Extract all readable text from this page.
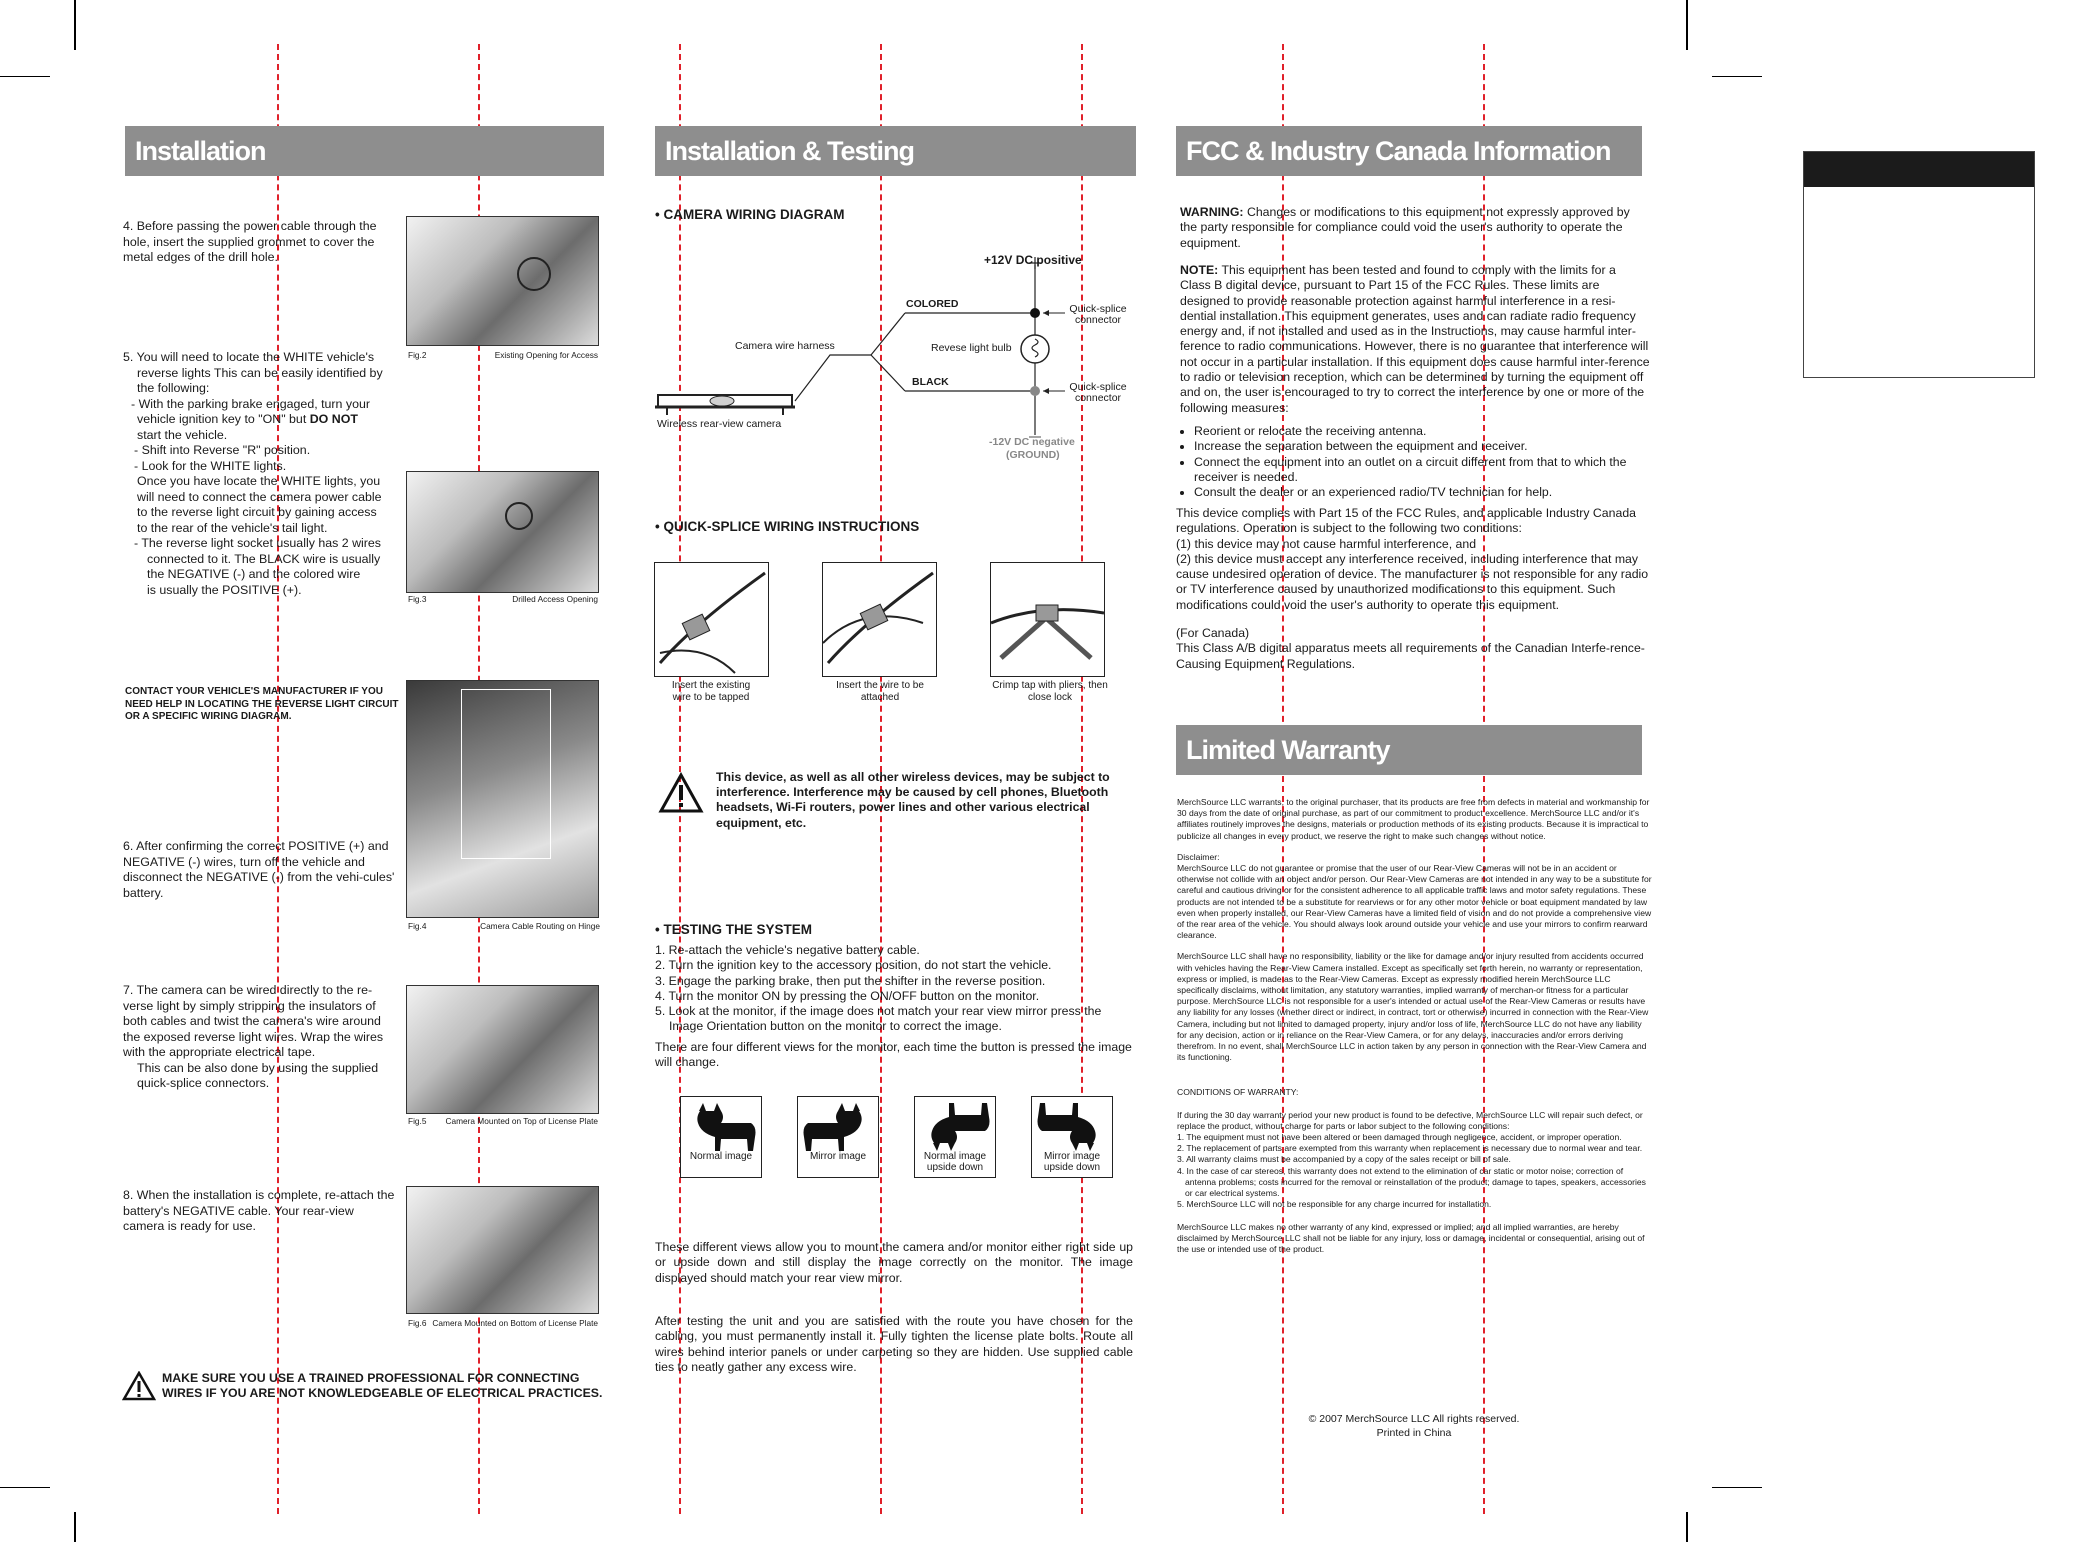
Installation
4. Before passing the power cable through the hole, insert the supplied grommet to cover the metal edges of the drill hole.
Fig.2	Existing Opening for Access
5. You will need to locate the WHITE vehicle's
reverse lights This can be easily identified by
the following:
- With the parking brake engaged, turn your
vehicle ignition key to "ON" but DO NOT
start the vehicle.
- Shift into Reverse "R" position.
- Look for the WHITE lights.
Once you have locate the WHITE lights, you
will need to connect the camera power cable
to the reverse light circuit by gaining access
to the rear of the vehicle's tail light.
- The reverse light socket usually has 2 wires
connected to it. The BLACK wire is usually
the NEGATIVE (-) and the colored wire
is usually the POSITIVE (+).
Fig.3	Drilled Access Opening
CONTACT YOUR VEHICLE'S MANUFACTURER IF YOU NEED HELP IN LOCATING THE REVERSE LIGHT CIRCUIT OR A SPECIFIC WIRING DIAGRAM.
Fig.4	Camera Cable Routing on Hinge
6. After confirming the correct POSITIVE (+) and NEGATIVE (-) wires, turn off the vehicle and disconnect the NEGATIVE (-) from the vehi-cules' battery.
7. The camera can be wired directly to the re-verse light by simply stripping the insulators of both cables and twist the camera's wire around the exposed reverse light wires. Wrap the wires with the appropriate electrical tape.
This can be also done by using the supplied quick-splice connectors.
Fig.5 Camera Mounted on Top of License Plate
8. When the installation is complete, re-attach the battery's NEGATIVE cable. Your rear-view camera is ready for use.
Fig.6 Camera Mounted on Bottom of License Plate
MAKE SURE YOU USE A TRAINED PROFESSIONAL FOR CONNECTING WIRES IF YOU ARE NOT KNOWLEDGEABLE OF ELECTRICAL PRACTICES.
Installation & Testing
• CAMERA WIRING DIAGRAM
+12V DC positive
COLORED
BLACK
Camera wire harness	Revese light bulb
Quick-splice connector
Quick-splice connector
Wireless rear-view camera
-12V DC negative
(GROUND)
• QUICK-SPLICE WIRING INSTRUCTIONS
Insert the existing wire to be tapped
Insert the wire to be attached
Crimp tap with pliers, then close lock
This device, as well as all other wireless devices, may be subject to interference. Interference may be caused by cell phones, Bluetooth headsets, Wi-Fi routers, power lines and other various electrical equipment, etc.
• TESTING THE SYSTEM
1. Re-attach the vehicle's negative battery cable.
2. Turn the ignition key to the accessory position, do not start the vehicle.
3. Engage the parking brake, then put the shifter in the reverse position.
4. Turn the monitor ON by pressing the ON/OFF button on the monitor.
5. Look at the monitor, if the image does not match your rear view mirror press the Image Orientation button on the monitor to correct the image.
There are four different views for the monitor, each time the button is pressed the image will change.
Normal image	Mirror image	Normal image upside down
Mirror image upside down
These different views allow you to mount the camera and/or monitor either right side up or upside down and still display the image correctly on the monitor. The image displayed should match your rear view mirror.
After testing the unit and you are satisfied with the route you have chosen for the cabling, you must permanently install it. Fully tighten the license plate bolts. Route all wires behind interior panels or under carpeting so they are hidden. Use supplied cable ties to neatly gather any excess wire.
FCC & Industry Canada Information
WARNING: Changes or modifications to this equipment not expressly approved by the party responsible for compliance could void the user's authority to operate the equipment.
NOTE: This equipment has been tested and found to comply with the limits for a Class B digital device, pursuant to Part 15 of the FCC Rules. These limits are designed to provide reasonable protection against harmful interference in a resi-dential installation. This equipment generates, uses and can radiate radio frequency energy and, if not installed and used as in the Instructions, may cause harmful inter-ference to radio communications. However, there is no guarantee that interference will not occur in a particular installation. If this equipment does cause harmful inter-ference to radio or television reception, which can be determined by turning the equipment off and on, the user is encouraged to try to correct the interference by one or more of the following measures:
• Reorient or relocate the receiving antenna.
• Increase the separation between the equipment and receiver.
• Connect the equipment into an outlet on a circuit different from that to which the receiver is needed.
• Consult the dealer or an experienced radio/TV technician for help.
This device complies with Part 15 of the FCC Rules, and applicable Industry Canada regulations. Operation is subject to the following two conditions:
(1) this device may not cause harmful interference, and
(2) this device must accept any interference received, including interference that may cause undesired operation of device. The manufacturer is not responsible for any radio or TV interference caused by unauthorized modifications to this equipment. Such modifications could void the user's authority to operate this equipment.
(For Canada)
This Class A/B digital apparatus meets all requirements of the Canadian Interfe-rence-Causing Equipment Regulations.
Limited Warranty
MerchSource LLC warrants, to the original purchaser, that its products are free from defects in material and workmanship for 30 days from the date of original purchase, as part of our commitment to product excellence. MerchSource LLC and/or it's affiliates routinely improves the designs, materials or production methods of its existing products. Because it is impractical to publicize all changes in every product, we reserve the right to make such changes without notice.
Disclaimer:
MerchSource LLC do not guarantee or promise that the user of our Rear-View Cameras will not be in an accident or otherwise not collide with an object and/or person. Our Rear-View Cameras are not intended in any way to be a substitute for careful and cautious driving or for the consistent adherence to all applicable traffic laws and motor safety regulations. These products are not intended to be a substitute for rearviews or for any other motor vehicle or boat equipment mandated by law even when properly installed, our Rear-View Cameras have a limited field of vision and do not provide a comprehensive view of the rear area of the vehicle. You should always look around outside your vehicle and use your mirrors to confirm rearward clearance.
MerchSource LLC shall have no responsibility, liability or the like for damage and/or injury resulted from accidents occurred with vehicles having the Rear-View Camera installed. Except as specifically set forth herein, no warranty or representation, express or implied, is made as to the Rear-View Cameras. Except as expressly modified herein MerchSource LLC specifically disclaims, without limitation, any statutory warranties, implied warranty of merchan-or fitness for a particular purpose. MerchSource LLC is not responsible for a user's intended or actual use of the Rear-View Cameras or results have any liability for any losses (whether direct or indirect, in contract, tort or otherwise) incurred in connection with the Rear-View Camera, including but not limited to damaged property, injury and/or loss of life, MerchSource LLC do not have any liability for any decision, action or in reliance on the Rear-View Camera, or for any delays, inaccuracies and/or errors deriving therefrom. In no event, shall MerchSource LLC in action taken by any person in connection with the Rear-View Camera and its functioning.
CONDITIONS OF WARRANTY:
If during the 30 day warranty period your new product is found to be defective, MerchSource LLC will repair such defect, or replace the product, without charge for parts or labor subject to the following conditions:
1. The equipment must not have been altered or been damaged through negligence, accident, or improper operation.
2. The replacement of parts are exempted from this warranty when replacement is necessary due to normal wear and tear.
3. All warranty claims must be accompanied by a copy of the sales receipt or bill of sale.
4. In the case of car stereos, this warranty does not extend to the elimination of car static or motor noise; correction of antenna problems; costs incurred for the removal or reinstallation of the product; damage to tapes, speakers, accessories or car electrical systems.
5. MerchSource LLC will not be responsible for any charge incurred for installation.
MerchSource LLC makes no other warranty of any kind, expressed or implied; and all implied warranties, are hereby disclaimed by MerchSource LLC shall not be liable for any injury, loss or damage, incidental or consequential, arising out of the use or intended use of the product.
© 2007 MerchSource LLC All rights reserved.
Printed in China
